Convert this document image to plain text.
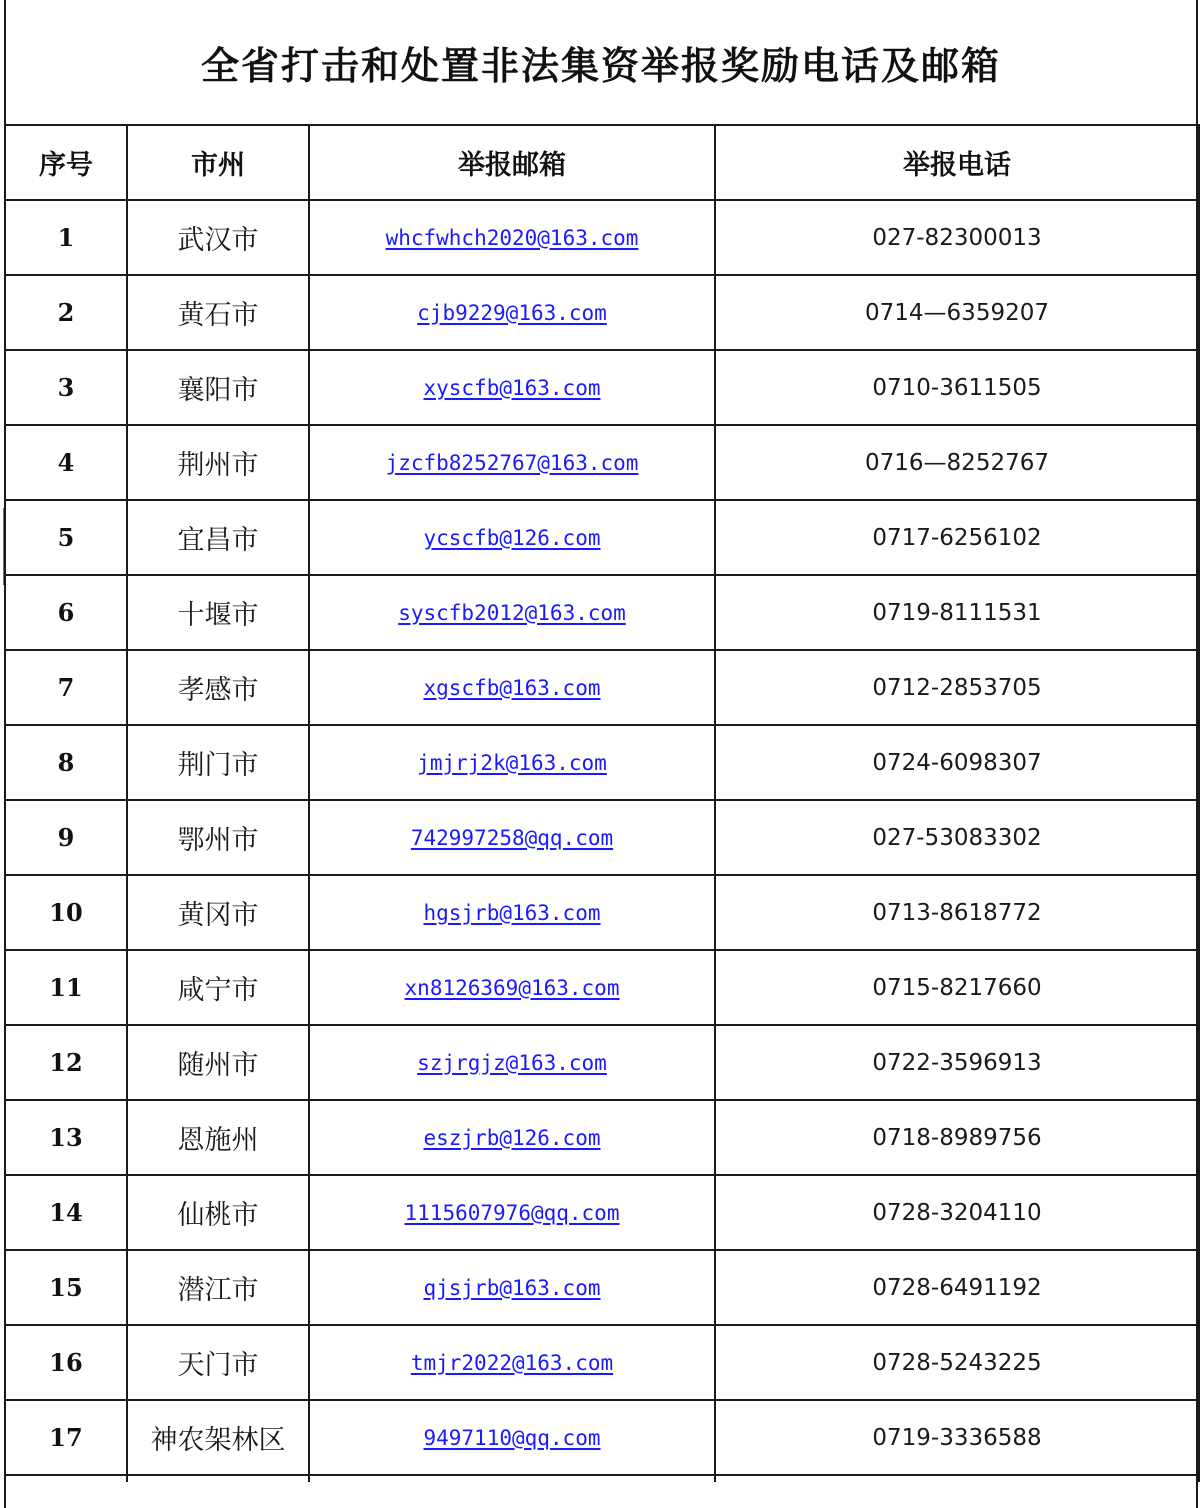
全省打击和处置非法集资举报奖励电话及邮箱
序号	市州	举报邮箱	举报电话
1	武汉市	whcfwhch2020@163.com	027-82300013
2	黄石市	cjb9229@163.com	0714—6359207
3	襄阳市	xyscfb@163.com	0710-3611505
4	荆州市	jzcfb8252767@163.com	0716—8252767
5	宜昌市	ycscfb@126.com	0717-6256102
6	十堰市	syscfb2012@163.com	0719-8111531
7	孝感市	xgscfb@163.com	0712-2853705
8	荆门市	jmjrj2k@163.com	0724-6098307
9	鄂州市	742997258@qq.com	027-53083302
10	黄冈市	hgsjrb@163.com	0713-8618772
11	咸宁市	xn8126369@163.com	0715-8217660
12	随州市	szjrgjz@163.com	0722-3596913
13	恩施州	eszjrb@126.com	0718-8989756
14	仙桃市	1115607976@qq.com	0728-3204110
15	潜江市	qjsjrb@163.com	0728-6491192
16	天门市	tmjr2022@163.com	0728-5243225
17	神农架林区	9497110@qq.com	0719-3336588
